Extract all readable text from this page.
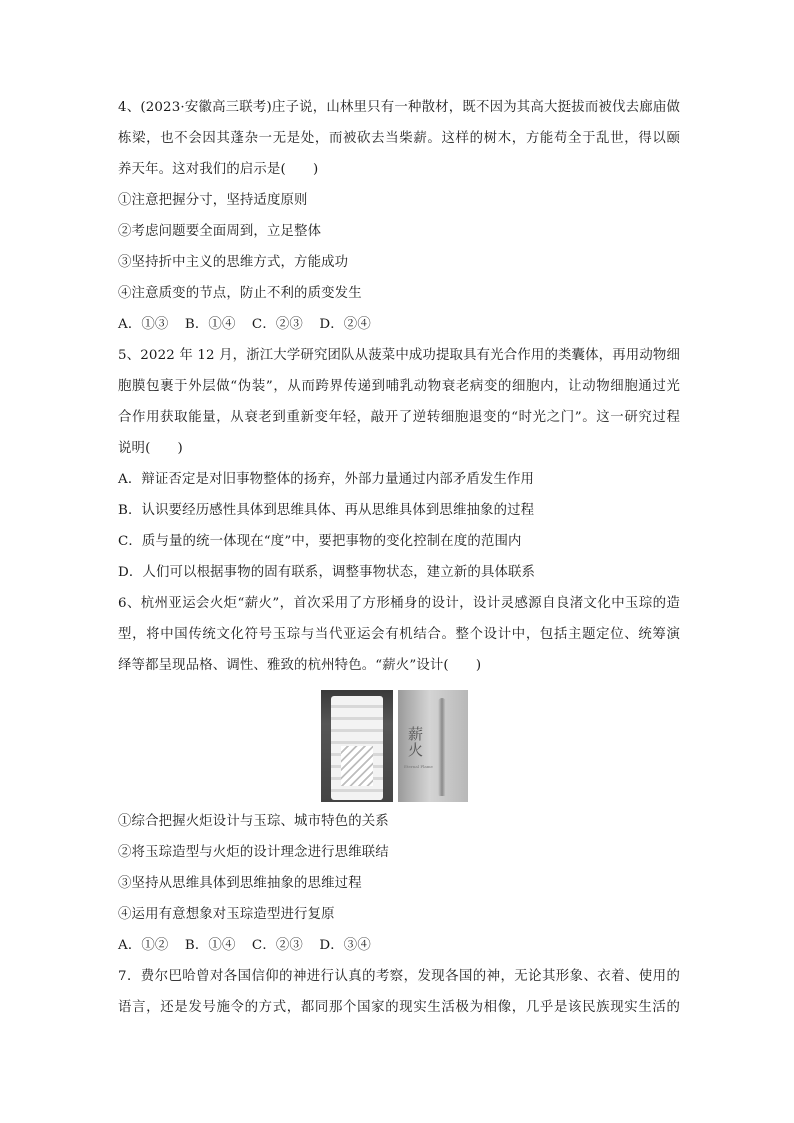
4、(2023·安徽高三联考)庄子说，山林里只有一种散材，既不因为其高大挺拔而被伐去廊庙做
栋梁，也不会因其蓬杂一无是处，而被砍去当柴薪。这样的树木，方能苟全于乱世，得以颐
养天年。这对我们的启示是(　　)
①注意把握分寸，坚持适度原则
②考虑问题要全面周到，立足整体
③坚持折中主义的思维方式，方能成功
④注意质变的节点，防止不利的质变发生
A．①③ B．①④ C．②③ D．②④
5、2022 年 12 月，浙江大学研究团队从菠菜中成功提取具有光合作用的类囊体，再用动物细
胞膜包裹于外层做“伪装”，从而跨界传递到哺乳动物衰老病变的细胞内，让动物细胞通过光
合作用获取能量，从衰老到重新变年轻，敲开了逆转细胞退变的“时光之门”。这一研究过程
说明(　　)
A．辩证否定是对旧事物整体的扬弃，外部力量通过内部矛盾发生作用
B．认识要经历感性具体到思维具体、再从思维具体到思维抽象的过程
C．质与量的统一体现在“度”中，要把事物的变化控制在度的范围内
D．人们可以根据事物的固有联系，调整事物状态，建立新的具体联系
6、杭州亚运会火炬“薪火”，首次采用了方形桶身的设计，设计灵感源自良渚文化中玉琮的造
型，将中国传统文化符号玉琮与当代亚运会有机结合。整个设计中，包括主题定位、统筹演
绎等都呈现品格、调性、雅致的杭州特色。“薪火”设计(　　)
薪火
Eternal Flame
①综合把握火炬设计与玉琮、城市特色的关系
②将玉琮造型与火炬的设计理念进行思维联结
③坚持从思维具体到思维抽象的思维过程
④运用有意想象对玉琮造型进行复原
A．①② B．①④ C．②③ D．③④
7．费尔巴哈曾对各国信仰的神进行认真的考察，发现各国的神，无论其形象、衣着、使用的
语言，还是发号施令的方式，都同那个国家的现实生活极为相像，几乎是该民族现实生活的
